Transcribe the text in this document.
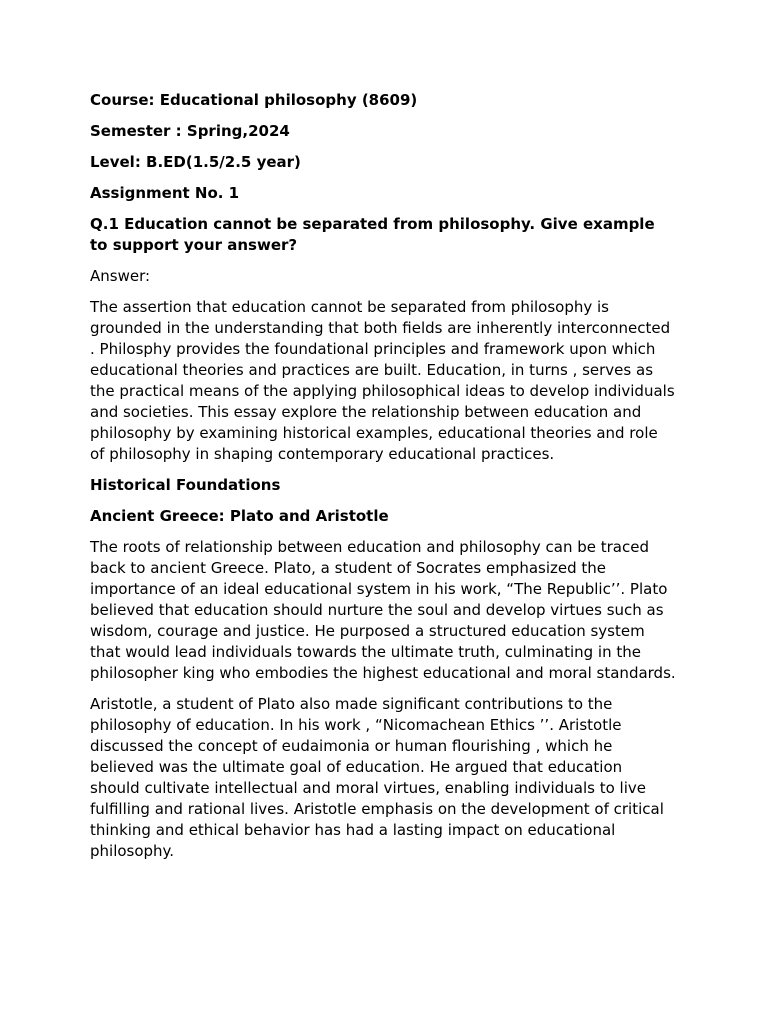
Course: Educational philosophy (8609)
Semester : Spring,2024
Level: B.ED(1.5/2.5 year)
Assignment No. 1
Q.1 Education cannot be separated from philosophy. Give example to support your answer?
Answer:
The assertion that education cannot be separated from philosophy is grounded in the understanding that both fields are inherently interconnected . Philosphy provides the foundational principles and framework upon which educational theories and practices are built. Education, in turns , serves as the practical means of the applying philosophical ideas to develop individuals and societies. This essay explore the relationship between education and philosophy by examining historical examples, educational theories and role of philosophy in shaping contemporary educational practices.
Historical Foundations
Ancient Greece: Plato and Aristotle
The roots of relationship between education and philosophy can be traced back to ancient Greece. Plato, a student of Socrates emphasized the importance of an ideal educational system in his work, “The Republic’’. Plato believed that education should nurture the soul and develop virtues such as wisdom, courage and justice. He purposed a structured education system that would lead individuals towards the ultimate truth, culminating in the philosopher king who embodies the highest educational and moral standards.
Aristotle, a student of Plato also made significant contributions to the philosophy of education. In his work , “Nicomachean Ethics ’’. Aristotle discussed the concept of eudaimonia or human flourishing , which he believed was the ultimate goal of education. He argued that education should cultivate intellectual and moral virtues, enabling individuals to live fulfilling and rational lives. Aristotle emphasis on the development of critical thinking and ethical behavior has had a lasting impact on educational philosophy.
